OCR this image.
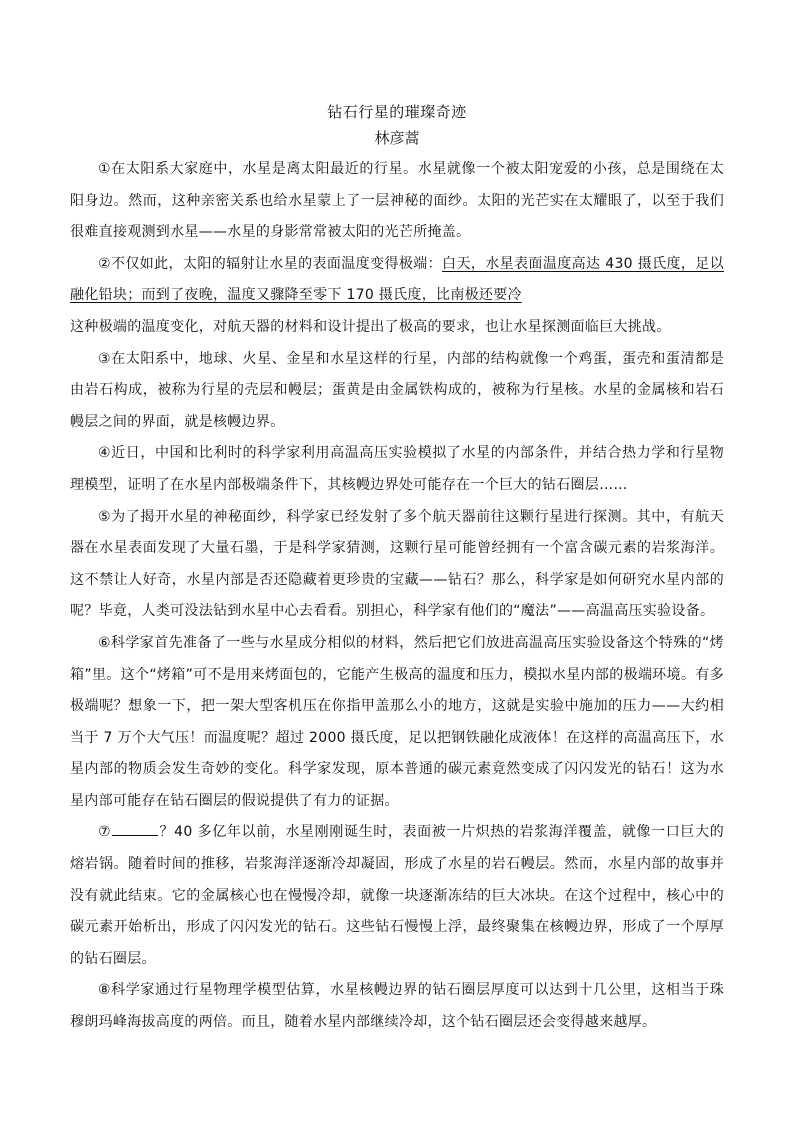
钻石行星的璀璨奇迹
林彦蒿

①在太阳系大家庭中，水星是离太阳最近的行星。水星就像一个被太阳宠爱的小孩，总是围绕在太阳身边。然而，这种亲密关系也给水星蒙上了一层神秘的面纱。太阳的光芒实在太耀眼了，以至于我们很难直接观测到水星——水星的身影常常被太阳的光芒所掩盖。

②不仅如此，太阳的辐射让水星的表面温度变得极端：白天，水星表面温度高达 430 摄氏度，足以融化铅块；而到了夜晚，温度又骤降至零下 170 摄氏度，比南极还要冷

这种极端的温度变化，对航天器的材料和设计提出了极高的要求，也让水星探测面临巨大挑战。

③在太阳系中，地球、火星、金星和水星这样的行星，内部的结构就像一个鸡蛋，蛋壳和蛋清都是由岩石构成，被称为行星的壳层和幔层；蛋黄是由金属铁构成的，被称为行星核。水星的金属核和岩石幔层之间的界面，就是核幔边界。

④近日，中国和比利时的科学家利用高温高压实验模拟了水星的内部条件，并结合热力学和行星物理模型，证明了在水星内部极端条件下，其核幔边界处可能存在一个巨大的钻石圈层……

⑤为了揭开水星的神秘面纱，科学家已经发射了多个航天器前往这颗行星进行探测。其中，有航天器在水星表面发现了大量石墨，于是科学家猜测，这颗行星可能曾经拥有一个富含碳元素的岩浆海洋。这不禁让人好奇，水星内部是否还隐藏着更珍贵的宝藏——钻石？那么，科学家是如何研究水星内部的呢？毕竟，人类可没法钻到水星中心去看看。别担心，科学家有他们的“魔法”——高温高压实验设备。

⑥科学家首先准备了一些与水星成分相似的材料，然后把它们放进高温高压实验设备这个特殊的“烤箱”里。这个“烤箱”可不是用来烤面包的，它能产生极高的温度和压力，模拟水星内部的极端环境。有多极端呢？想象一下，把一架大型客机压在你指甲盖那么小的地方，这就是实验中施加的压力——大约相当于 7 万个大气压！而温度呢？超过 2000 摄氏度，足以把钢铁融化成液体！在这样的高温高压下，水星内部的物质会发生奇妙的变化。科学家发现，原本普通的碳元素竟然变成了闪闪发光的钻石！这为水星内部可能存在钻石圈层的假说提供了有力的证据。

⑦	？40 多亿年以前，水星刚刚诞生时，表面被一片炽热的岩浆海洋覆盖，就像一口巨大的熔岩锅。随着时间的推移，岩浆海洋逐渐冷却凝固，形成了水星的岩石幔层。然而，水星内部的故事并没有就此结束。它的金属核心也在慢慢冷却，就像一块逐渐冻结的巨大冰块。在这个过程中，核心中的碳元素开始析出，形成了闪闪发光的钻石。这些钻石慢慢上浮，最终聚集在核幔边界，形成了一个厚厚的钻石圈层。

⑧科学家通过行星物理学模型估算，水星核幔边界的钻石圈层厚度可以达到十几公里，这相当于珠穆朗玛峰海拔高度的两倍。而且，随着水星内部继续冷却，这个钻石圈层还会变得越来越厚。
